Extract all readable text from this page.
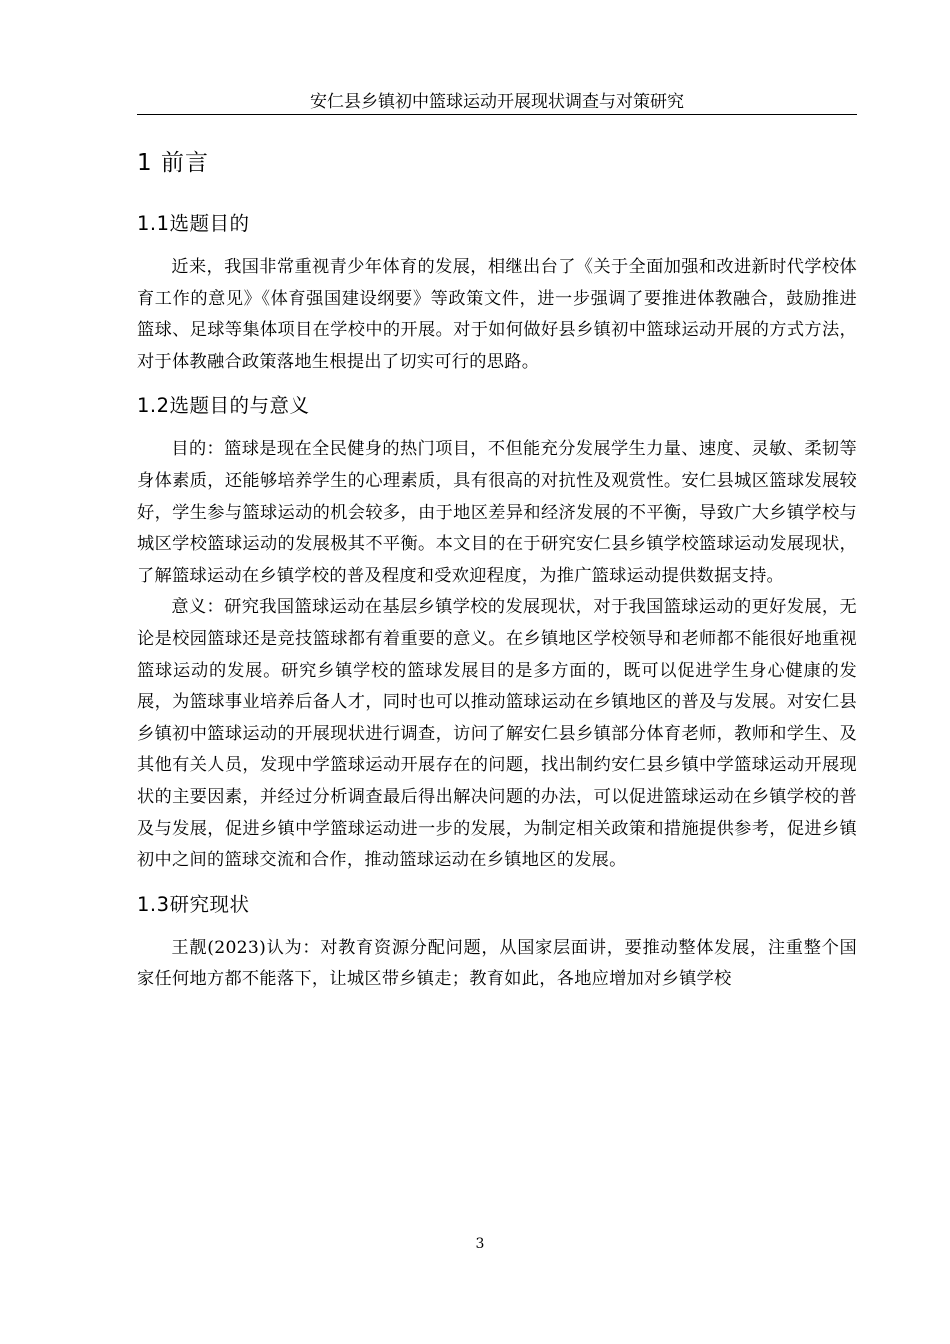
安仁县乡镇初中篮球运动开展现状调查与对策研究
1 前言
1.1选题目的

近来，我国非常重视青少年体育的发展，相继出台了《关于全面加强和改进新时代学校体育工作的意见》《体育强国建设纲要》等政策文件，进一步强调了要推进体教融合，鼓励推进篮球、足球等集体项目在学校中的开展。对于如何做好县乡镇初中篮球运动开展的方式方法，对于体教融合政策落地生根提出了切实可行的思路。

1.2选题目的与意义

目的：篮球是现在全民健身的热门项目，不但能充分发展学生力量、速度、灵敏、柔韧等身体素质，还能够培养学生的心理素质，具有很高的对抗性及观赏性。安仁县城区篮球发展较好，学生参与篮球运动的机会较多，由于地区差异和经济发展的不平衡，导致广大乡镇学校与城区学校篮球运动的发展极其不平衡。本文目的在于研究安仁县乡镇学校篮球运动发展现状，了解篮球运动在乡镇学校的普及程度和受欢迎程度，为推广篮球运动提供数据支持。

意义：研究我国篮球运动在基层乡镇学校的发展现状，对于我国篮球运动的更好发展，无论是校园篮球还是竞技篮球都有着重要的意义。在乡镇地区学校领导和老师都不能很好地重视篮球运动的发展。研究乡镇学校的篮球发展目的是多方面的，既可以促进学生身心健康的发展，为篮球事业培养后备人才，同时也可以推动篮球运动在乡镇地区的普及与发展。对安仁县乡镇初中篮球运动的开展现状进行调查，访问了解安仁县乡镇部分体育老师，教师和学生、及其他有关人员，发现中学篮球运动开展存在的问题，找出制约安仁县乡镇中学篮球运动开展现状的主要因素，并经过分析调查最后得出解决问题的办法，可以促进篮球运动在乡镇学校的普及与发展，促进乡镇中学篮球运动进一步的发展，为制定相关政策和措施提供参考，促进乡镇初中之间的篮球交流和合作，推动篮球运动在乡镇地区的发展。

1.3研究现状

王靓(2023)认为：对教育资源分配问题，从国家层面讲，要推动整体发展，注重整个国家任何地方都不能落下，让城区带乡镇走；教育如此，各地应增加对乡镇学校

3
